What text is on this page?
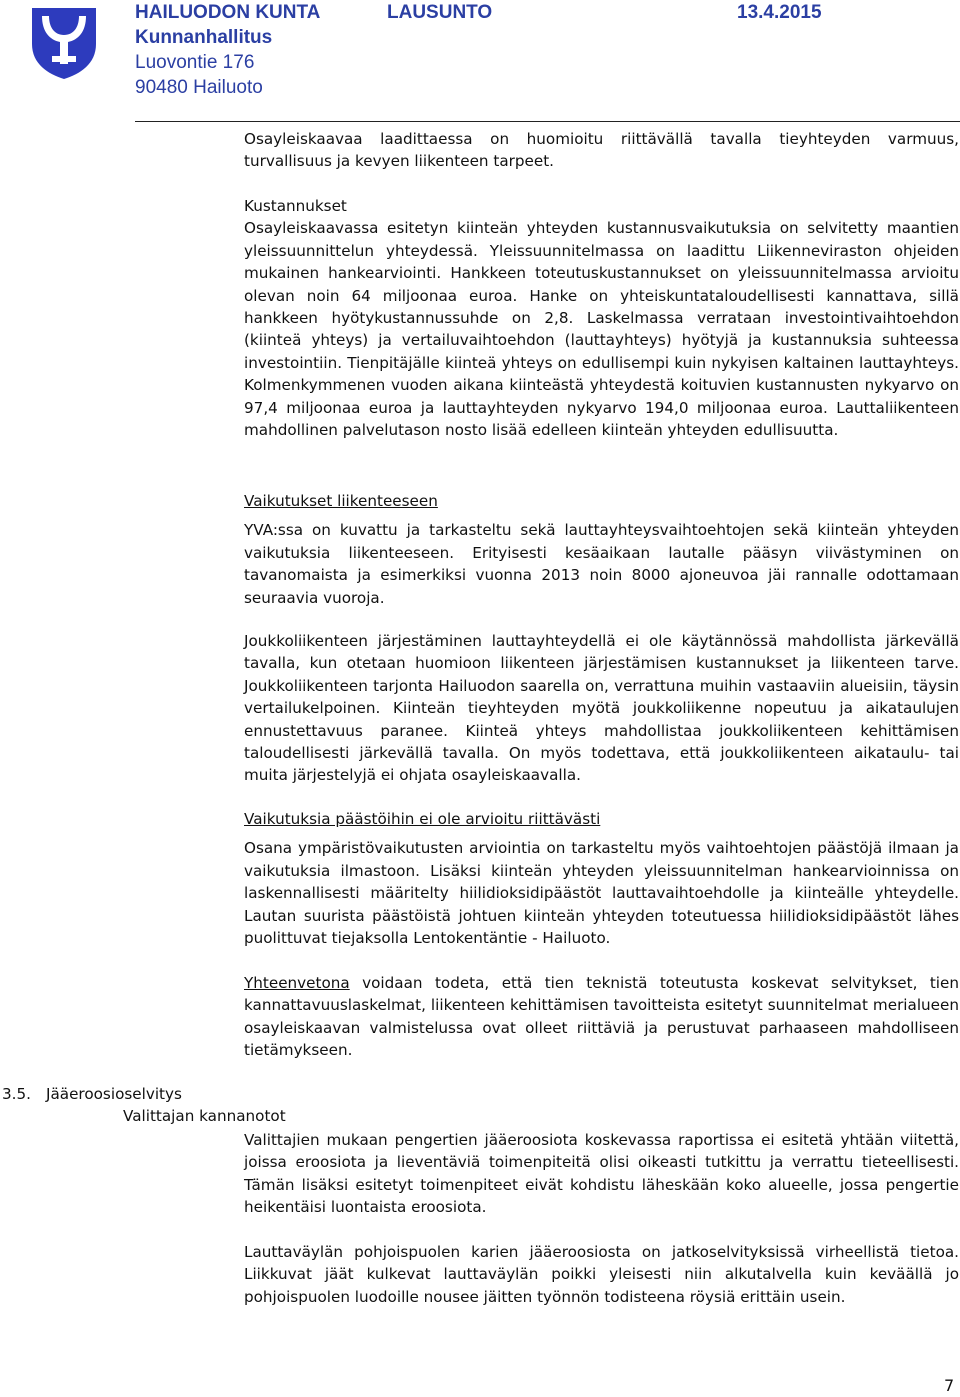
HAILUODON KUNTA	LAUSUNTO	13.4.2015
Kunnanhallitus
Luovontie 176
90480 Hailuoto

Osayleiskaavaa laadittaessa on huomioitu riittävällä tavalla tieyhteyden varmuus, turvallisuus ja kevyen liikenteen tarpeet.

Kustannukset

Osayleiskaavassa esitetyn kiinteän yhteyden kustannusvaikutuksia on selvitetty maantien yleissuunnittelun yhteydessä. Yleissuunnitelmassa on laadittu Liikenneviraston ohjeiden mukainen hankearviointi. Hankkeen toteutuskustannukset on yleissuunnitelmassa arvioitu olevan noin 64 miljoonaa euroa. Hanke on yhteiskuntataloudellisesti kannattava, sillä hankkeen hyötykustannussuhde on 2,8. Laskelmassa verrataan investointivaihtoehdon (kiinteä yhteys) ja vertailuvaihtoehdon (lauttayhteys) hyötyjä ja kustannuksia suhteessa investointiin. Tienpitäjälle kiinteä yhteys on edullisempi kuin nykyisen kaltainen lauttayhteys. Kolmenkymmenen vuoden aikana kiinteästä yhteydestä koituvien kustannusten nykyarvo on 97,4 miljoonaa euroa ja lauttayhteyden nykyarvo 194,0 miljoonaa euroa. Lauttaliikenteen mahdollinen palvelutason nosto lisää edelleen kiinteän yhteyden edullisuutta.

Vaikutukset liikenteeseen

YVA:ssa on kuvattu ja tarkasteltu sekä lauttayhteysvaihtoehtojen sekä kiinteän yhteyden vaikutuksia liikenteeseen. Erityisesti kesäaikaan lautalle pääsyn viivästyminen on tavanomaista ja esimerkiksi vuonna 2013 noin 8000 ajoneuvoa jäi rannalle odottamaan seuraavia vuoroja.

Joukkoliikenteen järjestäminen lauttayhteydellä ei ole käytännössä mahdollista järkevällä tavalla, kun otetaan huomioon liikenteen järjestämisen kustannukset ja liikenteen tarve. Joukkoliikenteen tarjonta Hailuodon saarella on, verrattuna muihin vastaaviin alueisiin, täysin vertailukelpoinen. Kiinteän tieyhteyden myötä joukkoliikenne nopeutuu ja aikataulujen ennustettavuus paranee. Kiinteä yhteys mahdollistaa joukkoliikenteen kehittämisen taloudellisesti järkevällä tavalla. On myös todettava, että joukkoliikenteen aikataulu- tai muita järjestelyjä ei ohjata osayleiskaavalla.

Vaikutuksia päästöihin ei ole arvioitu riittävästi

Osana ympäristövaikutusten arviointia on tarkasteltu myös vaihtoehtojen päästöjä ilmaan ja vaikutuksia ilmastoon. Lisäksi kiinteän yhteyden yleissuunnitelman hankearvioinnissa on laskennallisesti määritelty hiilidioksidipäästöt lauttavaihtoehdolle ja kiinteälle yhteydelle. Lautan suurista päästöistä johtuen kiinteän yhteyden toteutuessa hiilidioksidipäästöt lähes puolittuvat tiejaksolla Lentokentäntie - Hailuoto.

Yhteenvetona voidaan todeta, että tien teknistä toteutusta koskevat selvitykset, tien kannattavuuslaskelmat, liikenteen kehittämisen tavoitteista esitetyt suunnitelmat merialueen osayleiskaavan valmistelussa ovat olleet riittäviä ja perustuvat parhaaseen mahdolliseen tietämykseen.

3.5. Jääeroosioselvitys
Valittajan kannanotot

Valittajien mukaan pengertien jääeroosiota koskevassa raportissa ei esitetä yhtään viitettä, joissa eroosiota ja lieventäviä toimenpiteitä olisi oikeasti tutkittu ja verrattu tieteellisesti. Tämän lisäksi esitetyt toimenpiteet eivät kohdistu läheskään koko alueelle, jossa pengertie heikentäisi luontaista eroosiota.

Lauttaväylän pohjoispuolen karien jääeroosiosta on jatkoselvityksissä virheellistä tietoa. Liikkuvat jäät kulkevat lauttaväylän poikki yleisesti niin alkutalvella kuin keväällä jo pohjoispuolen luodoille nousee jäitten työnnön todisteena röysiä erittäin usein.

7
